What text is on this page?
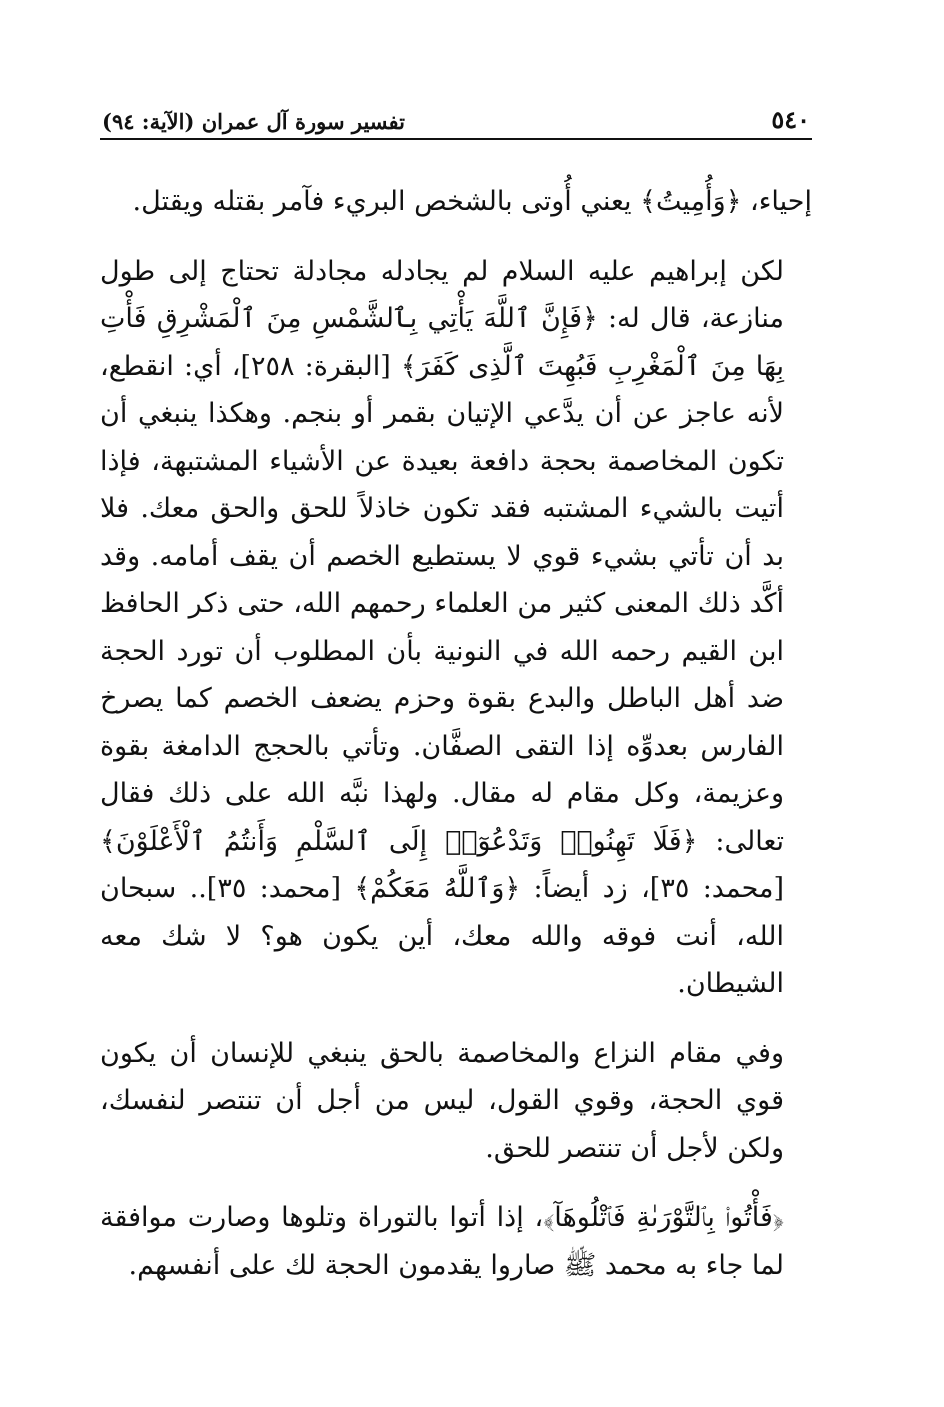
٥٤٠
تفسير سورة آل عمران (الآية: ٩٤)

إحياء، ﴿وَأُمِيتُ﴾ يعني أُوتى بالشخص البريء فآمر بقتله ويقتل.

لكن إبراهيم عليه السلام لم يجادله مجادلة تحتاج إلى طول منازعة، قال له: ﴿فَإِنَّ ٱللَّهَ يَأْتِي بِٱلشَّمْسِ مِنَ ٱلْمَشْرِقِ فَأْتِ بِهَا مِنَ ٱلْمَغْرِبِ فَبُهِتَ ٱلَّذِى كَفَرَ﴾ [البقرة: ٢٥٨]، أي: انقطع، لأنه عاجز عن أن يدَّعي الإتيان بقمر أو بنجم. وهكذا ينبغي أن تكون المخاصمة بحجة دافعة بعيدة عن الأشياء المشتبهة، فإذا أتيت بالشيء المشتبه فقد تكون خاذلاً للحق والحق معك. فلا بد أن تأتي بشيء قوي لا يستطيع الخصم أن يقف أمامه. وقد أكَّد ذلك المعنى كثير من العلماء رحمهم الله، حتى ذكر الحافظ ابن القيم رحمه الله في النونية بأن المطلوب أن تورد الحجة ضد أهل الباطل والبدع بقوة وحزم يضعف الخصم كما يصرخ الفارس بعدوِّه إذا التقى الصفَّان. وتأتي بالحجج الدامغة بقوة وعزيمة، وكل مقام له مقال. ولهذا نبَّه الله على ذلك فقال تعالى: ﴿فَلَا تَهِنُوا۟ وَتَدْعُوٓا۟ إِلَى ٱلسَّلْمِ وَأَنتُمُ ٱلْأَعْلَوْنَ﴾ [محمد: ٣٥]، زد أيضاً: ﴿وَٱللَّهُ مَعَكُمْ﴾ [محمد: ٣٥].. سبحان الله، أنت فوقه والله معك، أين يكون هو؟ لا شك معه الشيطان.

وفي مقام النزاع والمخاصمة بالحق ينبغي للإنسان أن يكون قوي الحجة، وقوي القول، ليس من أجل أن تنتصر لنفسك، ولكن لأجل أن تنتصر للحق.

﴿فَأْتُوا۟ بِٱلتَّوْرَىٰةِ فَٱتْلُوهَآ﴾، إذا أتوا بالتوراة وتلوها وصارت موافقة لما جاء به محمد ﷺ صاروا يقدمون الحجة لك على أنفسهم.
